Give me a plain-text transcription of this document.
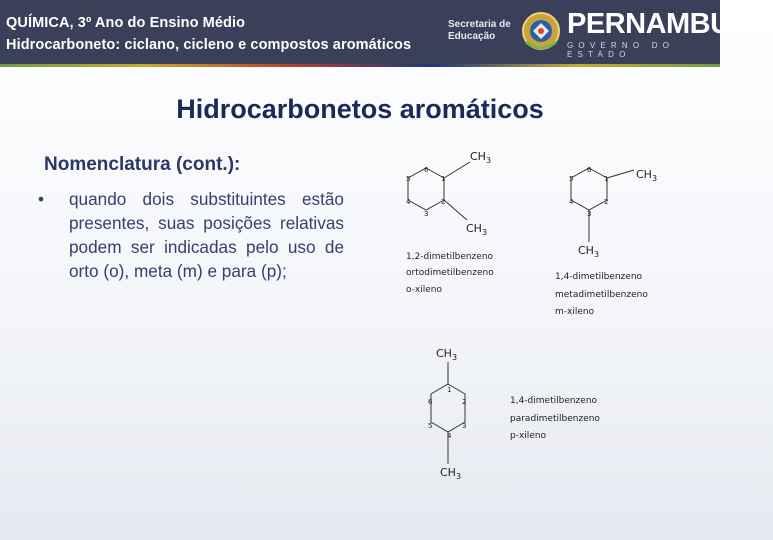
QUÍMICA, 3º Ano do Ensino Médio
Hidrocarboneto: ciclano, cicleno e compostos aromáticos
Secretaria de
Educação	PERNAMBUCO
GOVERNO DO ESTADO
Hidrocarbonetos aromáticos
Nomenclatura (cont.):
• quando dois substituintes estão presentes, suas posições relativas podem ser indicadas pelo uso de orto (o), meta (m) e para (p);
$CH_3$
$CH_3$
6
1
2
3
4
5
1,2-dimetilbenzeno
ortodimetilbenzeno
o-xileno
$CH_3$
$CH_3$
6
1
2
3
4
5
1,4-dimetilbenzeno
metadimetilbenzeno
m-xileno
$CH_3$
$CH_3$
1
2
3
4
5
6	1,4-dimetilbenzeno
paradimetilbenzeno
p-xileno
